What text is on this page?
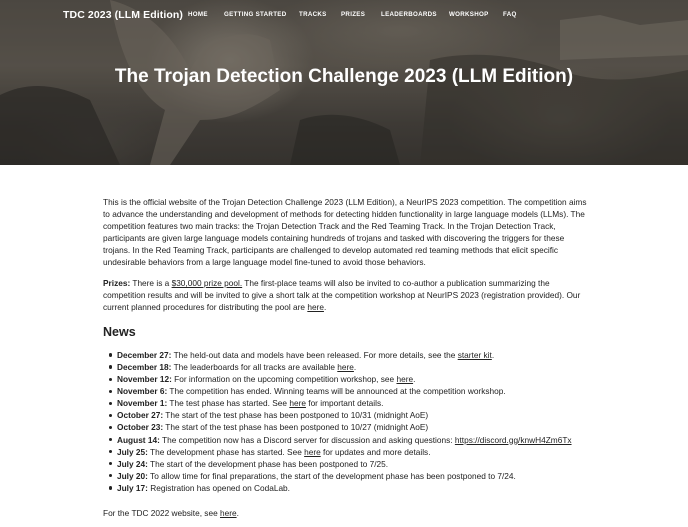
TDC 2023 (LLM Edition) HOME	GETTING STARTED TRACKS PRIZES	LEADERBOARDS WORKSHOP FAQ
The Trojan Detection Challenge 2023 (LLM Edition)

This is the official website of the Trojan Detection Challenge 2023 (LLM Edition), a NeurIPS 2023 competition. The competition aims to advance the understanding and development of methods for detecting hidden functionality in large language models (LLMs). The competition features two main tracks: the Trojan Detection Track and the Red Teaming Track. In the Trojan Detection Track, participants are given large language models containing hundreds of trojans and tasked with discovering the triggers for these trojans. In the Red Teaming Track, participants are challenged to develop automated red teaming methods that elicit specific undesirable behaviors from a large language model fine-tuned to avoid those behaviors.

Prizes: There is a $30,000 prize pool. The first-place teams will also be invited to co-author a publication summarizing the competition results and will be invited to give a short talk at the competition workshop at NeurIPS 2023 (registration provided). Our current planned procedures for distributing the pool are here.

News
December 27: The held-out data and models have been released. For more details, see the starter kit.
December 18: The leaderboards for all tracks are available here.
November 12: For information on the upcoming competition workshop, see here.
November 6: The competition has ended. Winning teams will be announced at the competition workshop.
November 1: The test phase has started. See here for important details.
October 27: The start of the test phase has been postponed to 10/31 (midnight AoE)
October 23: The start of the test phase has been postponed to 10/27 (midnight AoE)
August 14: The competition now has a Discord server for discussion and asking questions: https://discord.gg/knwH4Zm6Tx
July 25: The development phase has started. See here for updates and more details.
July 24: The start of the development phase has been postponed to 7/25.
July 20: To allow time for final preparations, the start of the development phase has been postponed to 7/24.
July 17: Registration has opened on CodaLab.

For the TDC 2022 website, see here.
